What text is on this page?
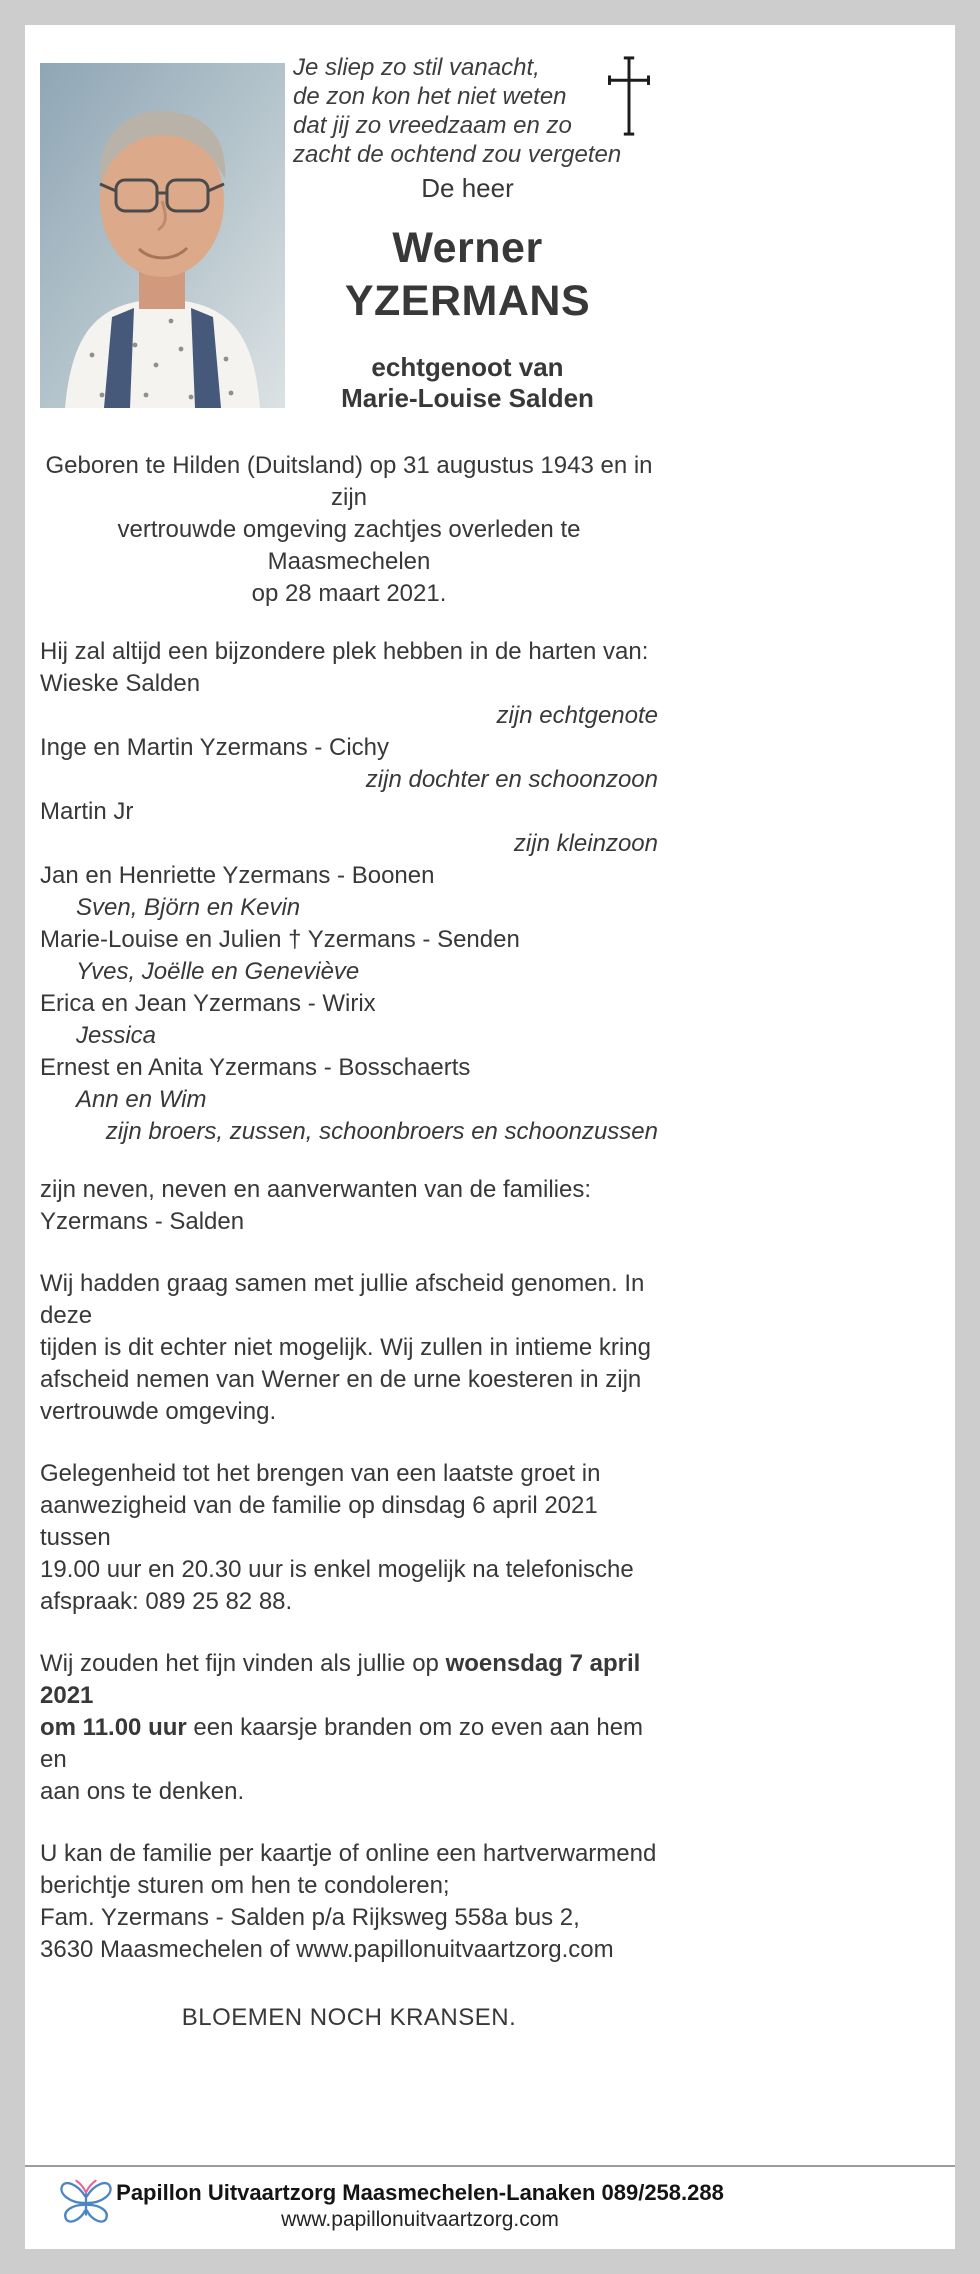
Je sliep zo stil vanacht,
de zon kon het niet weten
dat jij zo vreedzaam en zo
zacht de ochtend zou vergeten
De heer
Werner
YZERMANS
echtgenoot van
Marie-Louise Salden
Geboren te Hilden (Duitsland) op 31 augustus 1943 en in zijn
vertrouwde omgeving zachtjes overleden te Maasmechelen
op 28 maart 2021.
Hij zal altijd een bijzondere plek hebben in de harten van:
Wieske Salden
zijn echtgenote
Inge en Martin Yzermans - Cichy
zijn dochter en schoonzoon
Martin Jr
zijn kleinzoon
Jan en Henriette Yzermans - Boonen
Sven, Björn en Kevin
Marie-Louise en Julien † Yzermans - Senden
Yves, Joëlle en Geneviève
Erica en Jean Yzermans - Wirix
Jessica
Ernest en Anita Yzermans - Bosschaerts
Ann en Wim
zijn broers, zussen, schoonbroers en schoonzussen
zijn neven, neven en aanverwanten van de families:
Yzermans - Salden
Wij hadden graag samen met jullie afscheid genomen. In deze
tijden is dit echter niet mogelijk. Wij zullen in intieme kring
afscheid nemen van Werner en de urne koesteren in zijn
vertrouwde omgeving.
Gelegenheid tot het brengen van een laatste groet in
aanwezigheid van de familie op dinsdag 6 april 2021 tussen
19.00 uur en 20.30 uur is enkel mogelijk na telefonische
afspraak: 089 25 82 88.
Wij zouden het fijn vinden als jullie op woensdag 7 april 2021
om 11.00 uur een kaarsje branden om zo even aan hem en
aan ons te denken.
U kan de familie per kaartje of online een hartverwarmend
berichtje sturen om hen te condoleren;
Fam. Yzermans - Salden p/a Rijksweg 558a bus 2,
3630 Maasmechelen of www.papillonuitvaartzorg.com
BLOEMEN NOCH KRANSEN.
Papillon Uitvaartzorg Maasmechelen-Lanaken 089/258.288
www.papillonuitvaartzorg.com
